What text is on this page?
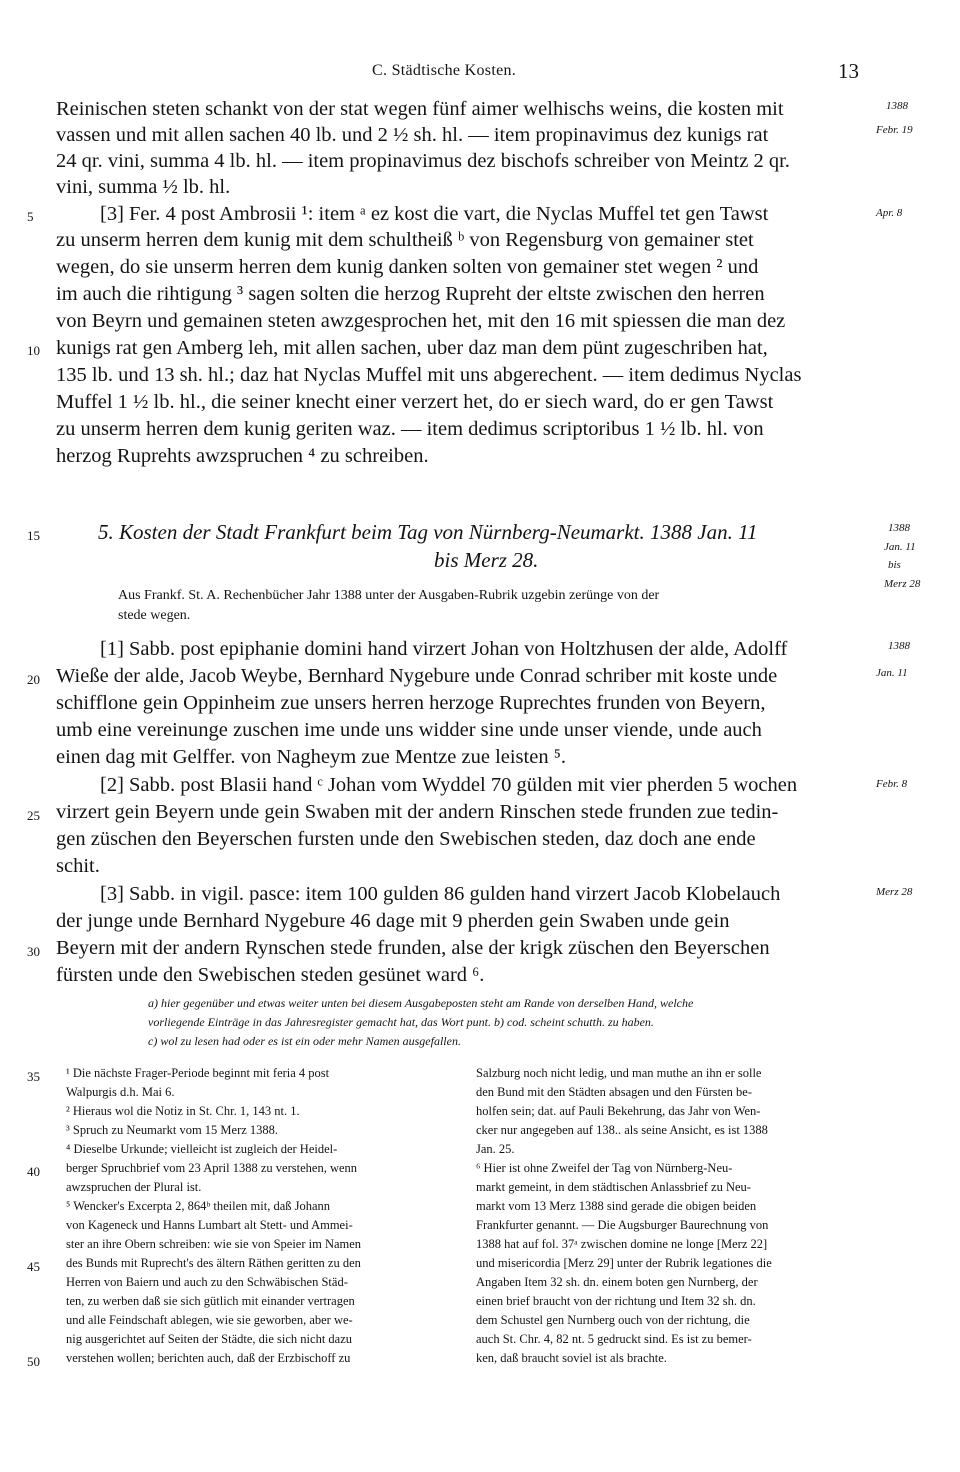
C. Städtische Kosten.	13
Reinischen steten schankt von der stat wegen fünf aimer welhischs weins, die kosten mit
vassen und mit allen sachen 40 lb. und 2 ½ sh. hl. — item propinavimus dez kunigs rat
24 qr. vini, summa 4 lb. hl. — item propinavimus dez bischofs schreiber von Meintz 2 qr.
vini, summa ½ lb. hl.
[3] Fer. 4 post Ambrosii ¹: item ᵃ ez kost die vart, die Nyclas Muffel tet gen Tawst
zu unserm herren dem kunig mit dem schultheiß ᵇ von Regensburg von gemainer stet
wegen, do sie unserm herren dem kunig danken solten von gemainer stet wegen ² und
im auch die rihtigung ³ sagen solten die herzog Rupreht der eltste zwischen den herren
von Beyrn und gemainen steten awzgesprochen het, mit den 16 mit spiessen die man dez
kunigs rat gen Amberg leh, mit allen sachen, uber daz man dem pünt zugeschriben hat,
135 lb. und 13 sh. hl.; daz hat Nyclas Muffel mit uns abgerechent. — item dedimus Nyclas
Muffel 1 ½ lb. hl., die seiner knecht einer verzert het, do er siech ward, do er gen Tawst
zu unserm herren dem kunig geriten waz. — item dedimus scriptoribus 1 ½ lb. hl. von
herzog Ruprehts awzspruchen ⁴ zu schreiben.
5
10
1388
Febr. 19
Apr. 8
5. Kosten der Stadt Frankfurt beim Tag von Nürnberg-Neumarkt. 1388 Jan. 11
bis Merz 28.
15	1388
Jan. 11
bis
Merz 28
Aus Frankf. St. A. Rechenbücher Jahr 1388 unter der Ausgaben-Rubrik uzgebin zerünge von der
stede wegen.
[1] Sabb. post epiphanie domini hand virzert Johan von Holtzhusen der alde, Adolff
Wieße der alde, Jacob Weybe, Bernhard Nygebure unde Conrad schriber mit koste unde
schifflone gein Oppinheim zue unsers herren herzoge Ruprechtes frunden von Beyern,
umb eine vereinunge zuschen ime unde uns widder sine unde unser viende, unde auch
einen dag mit Gelffer. von Nagheym zue Mentze zue leisten ⁵.
[2] Sabb. post Blasii hand ᶜ Johan vom Wyddel 70 gülden mit vier pherden 5 wochen
virzert gein Beyern unde gein Swaben mit der andern Rinschen stede frunden zue tedin-
gen züschen den Beyerschen fursten unde den Swebischen steden, daz doch ane ende
schit.
[3] Sabb. in vigil. pasce: item 100 gulden 86 gulden hand virzert Jacob Klobelauch
der junge unde Bernhard Nygebure 46 dage mit 9 pherden gein Swaben unde gein
Beyern mit der andern Rynschen stede frunden, alse der krigk züschen den Beyerschen
fürsten unde den Swebischen steden gesünet ward ⁶.
20
25
30
1388
Jan. 11
Febr. 8
Merz 28
a) hier gegenüber und etwas weiter unten bei diesem Ausgabeposten steht am Rande von derselben Hand, welche
vorliegende Einträge in das Jahresregister gemacht hat, das Wort punt. b) cod. scheint schutth. zu haben.
c) wol zu lesen had oder es ist ein oder mehr Namen ausgefallen.
¹ Die nächste Frager-Periode beginnt mit feria 4 post
Walpurgis d.h. Mai 6.
² Hieraus wol die Notiz in St. Chr. 1, 143 nt. 1.
³ Spruch zu Neumarkt vom 15 Merz 1388.
⁴ Dieselbe Urkunde; vielleicht ist zugleich der Heidel-
berger Spruchbrief vom 23 April 1388 zu verstehen, wenn
awzspruchen der Plural ist.
⁵ Wencker's Excerpta 2, 864ᵇ theilen mit, daß Johann
von Kageneck und Hanns Lumbart alt Stett- und Ammei-
ster an ihre Obern schreiben: wie sie von Speier im Namen
des Bunds mit Ruprecht's des ältern Räthen geritten zu den
Herren von Baiern und auch zu den Schwäbischen Städ-
ten, zu werben daß sie sich gütlich mit einander vertragen
und alle Feindschaft ablegen, wie sie geworben, aber we-
nig ausgerichtet auf Seiten der Städte, die sich nicht dazu
verstehen wollen; berichten auch, daß der Erzbischoff zu
35
40
45
50
Salzburg noch nicht ledig, und man muthe an ihn er solle
den Bund mit den Städten absagen und den Fürsten be-
holfen sein; dat. auf Pauli Bekehrung, das Jahr von Wen-
cker nur angegeben auf 138.. als seine Ansicht, es ist 1388
Jan. 25.
⁶ Hier ist ohne Zweifel der Tag von Nürnberg-Neu-
markt gemeint, in dem städtischen Anlassbrief zu Neu-
markt vom 13 Merz 1388 sind gerade die obigen beiden
Frankfurter genannt. — Die Augsburger Baurechnung von
1388 hat auf fol. 37ᵃ zwischen domine ne longe [Merz 22]
und misericordia [Merz 29] unter der Rubrik legationes die
Angaben Item 32 sh. dn. einem boten gen Nurnberg, der
einen brief braucht von der richtung und Item 32 sh. dn.
dem Schustel gen Nurnberg ouch von der richtung, die
auch St. Chr. 4, 82 nt. 5 gedruckt sind. Es ist zu bemer-
ken, daß braucht soviel ist als brachte.
